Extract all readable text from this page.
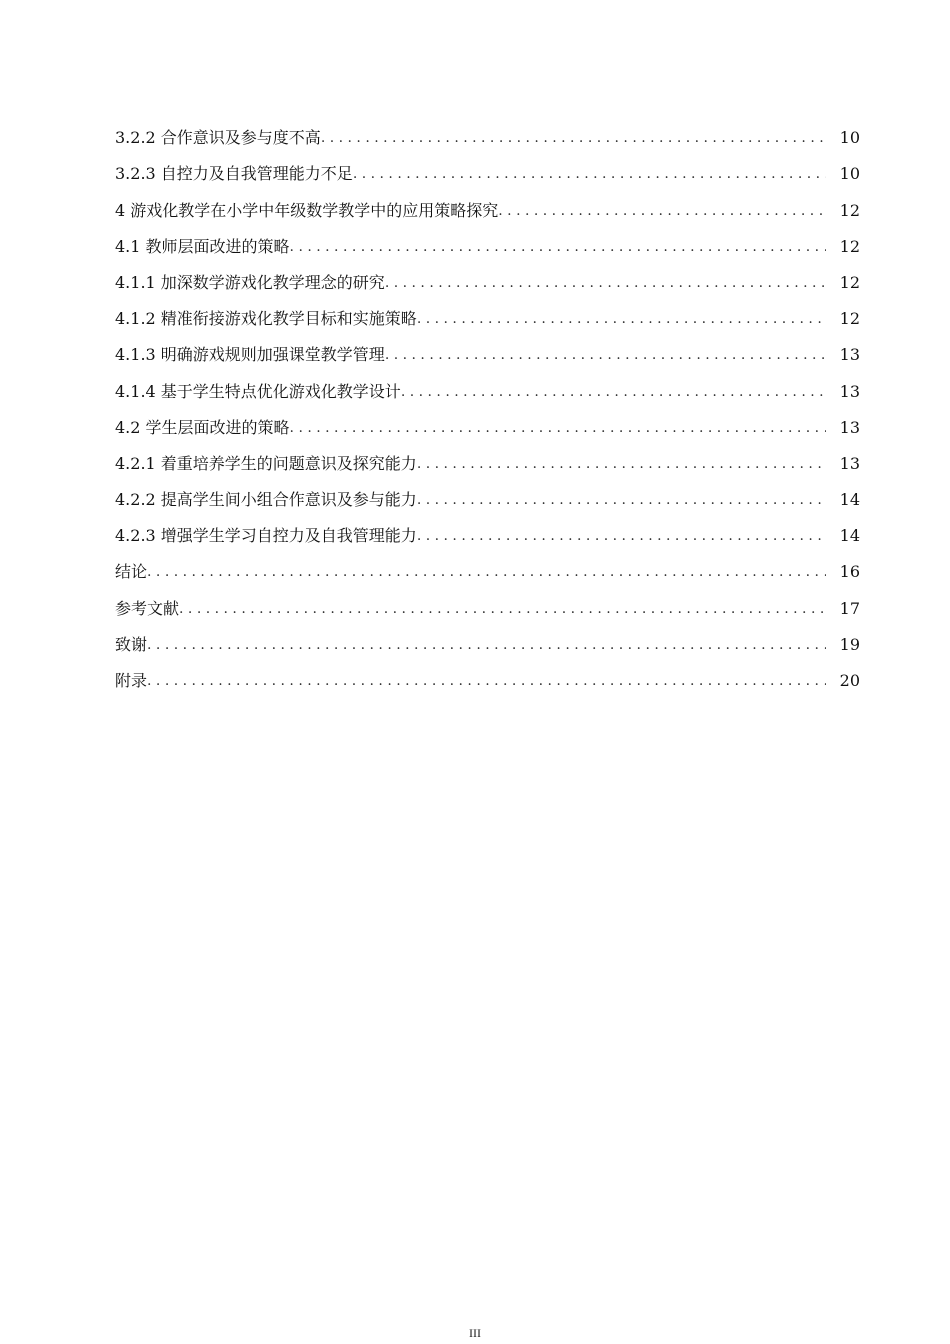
3.2.2 合作意识及参与度不高 . . .	10
3.2.3 自控力及自我管理能力不足 . . .	10
4 游戏化教学在小学中年级数学教学中的应用策略探究 . . .	12
4.1 教师层面改进的策略 . . .	12
4.1.1 加深数学游戏化教学理念的研究 . . .	12
4.1.2 精准衔接游戏化教学目标和实施策略 . . .	12
4.1.3 明确游戏规则加强课堂教学管理 . . .	13
4.1.4 基于学生特点优化游戏化教学设计 . . .	13
4.2 学生层面改进的策略 . . .	13
4.2.1 着重培养学生的问题意识及探究能力 . . .	13
4.2.2 提高学生间小组合作意识及参与能力 . . .	14
4.2.3 增强学生学习自控力及自我管理能力 . . .	14
结论 . . .	16
参考文献 . . .	17
致谢 . . .	19
附录 . . .	20
III
